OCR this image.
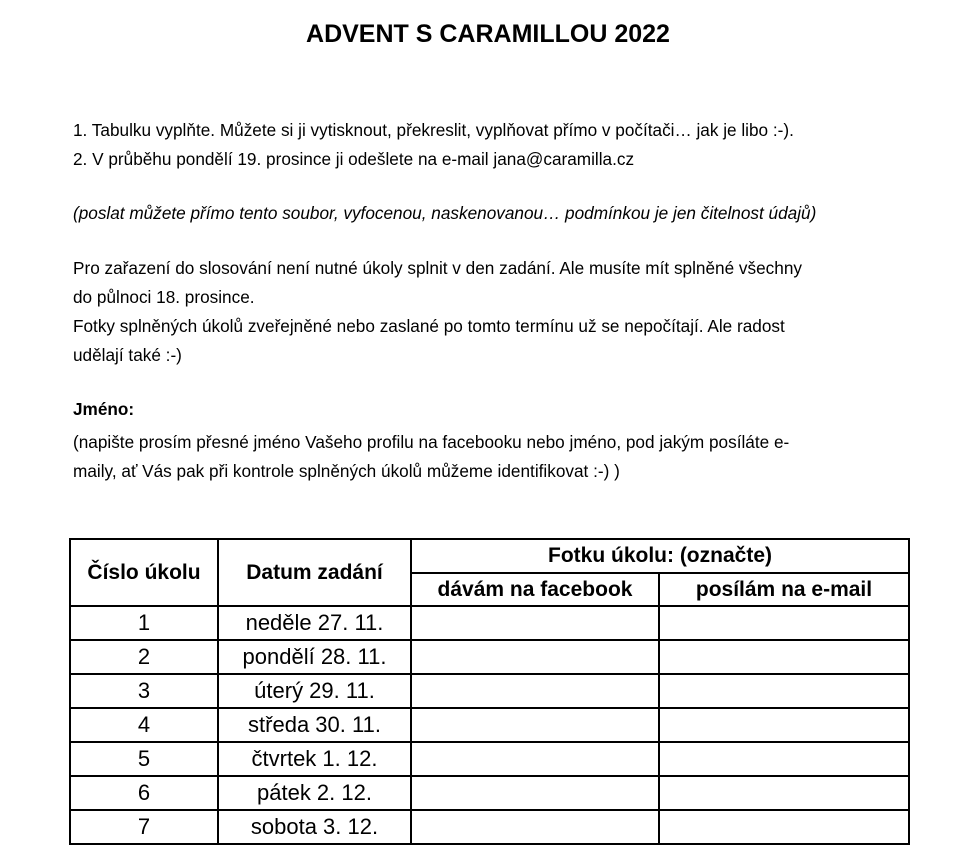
ADVENT S CARAMILLOU 2022
1. Tabulku vyplňte. Můžete si ji vytisknout, překreslit, vyplňovat přímo v počítači… jak je libo :-).
2. V průběhu pondělí 19. prosince ji odešlete na e-mail jana@caramilla.cz
(poslat můžete přímo tento soubor, vyfocenou, naskenovanou… podmínkou je jen čitelnost údajů)
Pro zařazení do slosování není nutné úkoly splnit v den zadání. Ale musíte mít splněné všechny
do půlnoci 18. prosince.
Fotky splněných úkolů zveřejněné nebo zaslané po tomto termínu už se nepočítají. Ale radost
udělají také :-)
Jméno:
(napište prosím přesné jméno Vašeho profilu na facebooku nebo jméno, pod jakým posíláte e-
maily, ať Vás pak při kontrole splněných úkolů můžeme identifikovat :-) )
Číslo úkolu	Datum zadání	Fotku úkolu: (označte)	
		dávám na facebook	posílám na e-mail
1	neděle 27. 11.		
2	pondělí 28. 11.		
3	úterý 29. 11.		
4	středa 30. 11.		
5	čtvrtek 1. 12.		
6	pátek 2. 12.		
7	sobota 3. 12.		
